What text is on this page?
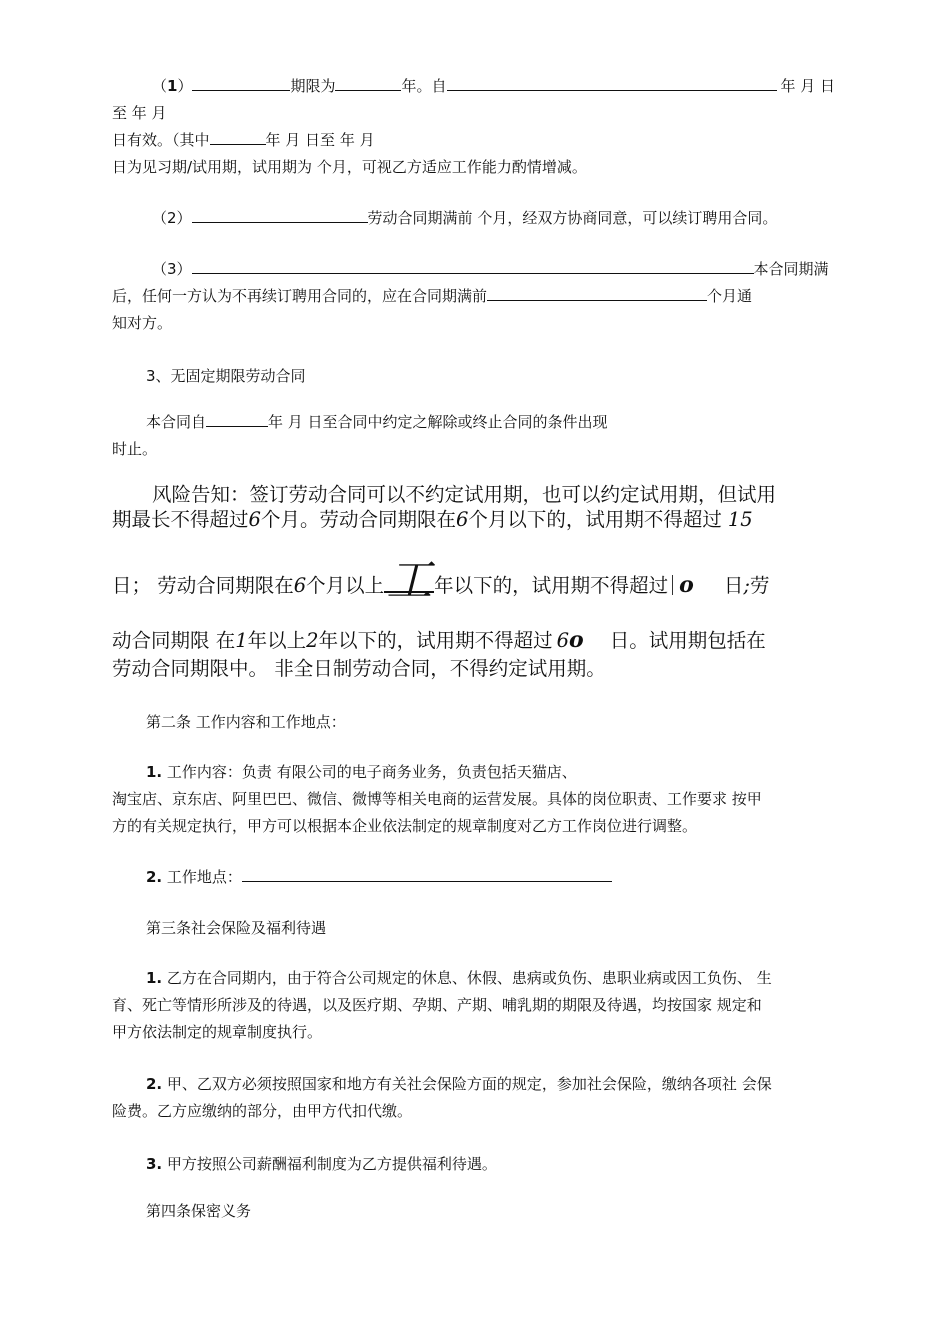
（1）	期限为	年。自	年 月 日
至 年 月
日有效。（其中	年 月 日至 年 月
日为见习期/试用期，试用期为 个月，可视乙方适应工作能力酌情增减。
（2）	劳动合同期满前 个月，经双方协商同意，可以续订聘用合同。
（3）	本合同期满
后，任何一方认为不再续订聘用合同的，应在合同期满前	个月通
知对方。
3、无固定期限劳动合同
本合同自	年 月 日至合同中约定之解除或终止合同的条件出现
时止。
风险告知：签订劳动合同可以不约定试用期，也可以约定试用期，但试用
期最长不得超过6个月。劳动合同期限在6个月以下的，试用期不得超过 15
日； 劳动合同期限在6个月以上工 年以下的，试用期不得超过 o 日;劳
动合同期限 在1年以上2年以下的，试用期不得超过 6o 日。试用期包括在
劳动合同期限中。 非全日制劳动合同，不得约定试用期。
第二条 工作内容和工作地点：
1. 工作内容：负责 有限公司的电子商务业务，负责包括天猫店、
淘宝店、京东店、阿里巴巴、微信、微博等相关电商的运营发展。具体的岗位职责、工作要求 按甲
方的有关规定执行，甲方可以根据本企业依法制定的规章制度对乙方工作岗位进行调整。
2. 工作地点：
第三条社会保险及福利待遇
1. 乙方在合同期内，由于符合公司规定的休息、休假、患病或负伤、患职业病或因工负伤、 生
育、死亡等情形所涉及的待遇，以及医疗期、孕期、产期、哺乳期的期限及待遇，均按国家 规定和
甲方依法制定的规章制度执行。
2. 甲、乙双方必须按照国家和地方有关社会保险方面的规定，参加社会保险，缴纳各项社 会保
险费。乙方应缴纳的部分，由甲方代扣代缴。
3. 甲方按照公司薪酬福利制度为乙方提供福利待遇。
第四条保密义务
